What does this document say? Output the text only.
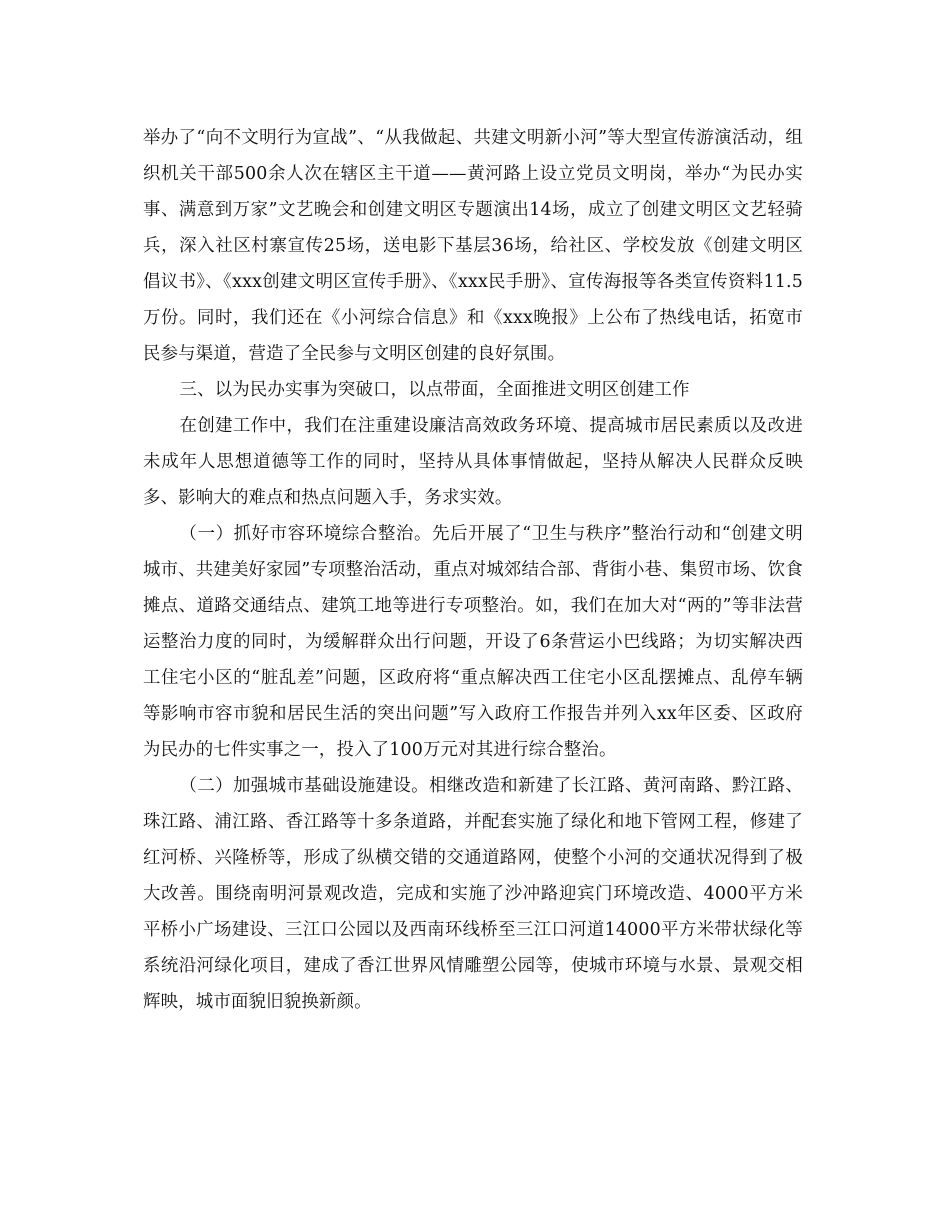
举办了“向不文明行为宣战”、“从我做起、共建文明新小河”等大型宣传游演活动，组织机关干部500余人次在辖区主干道——黄河路上设立党员文明岗，举办“为民办实事、满意到万家”文艺晚会和创建文明区专题演出14场，成立了创建文明区文艺轻骑兵，深入社区村寨宣传25场，送电影下基层36场，给社区、学校发放《创建文明区倡议书》、《xxx创建文明区宣传手册》、《xxx民手册》、宣传海报等各类宣传资料11.5万份。同时，我们还在《小河综合信息》和《xxx晚报》上公布了热线电话，拓宽市民参与渠道，营造了全民参与文明区创建的良好氛围。

三、以为民办实事为突破口，以点带面，全面推进文明区创建工作

在创建工作中，我们在注重建设廉洁高效政务环境、提高城市居民素质以及改进未成年人思想道德等工作的同时，坚持从具体事情做起，坚持从解决人民群众反映多、影响大的难点和热点问题入手，务求实效。

（一）抓好市容环境综合整治。先后开展了“卫生与秩序”整治行动和“创建文明城市、共建美好家园”专项整治活动，重点对城郊结合部、背街小巷、集贸市场、饮食摊点、道路交通结点、建筑工地等进行专项整治。如，我们在加大对“两的”等非法营运整治力度的同时，为缓解群众出行问题，开设了6条营运小巴线路；为切实解决西工住宅小区的“脏乱差”问题，区政府将“重点解决西工住宅小区乱摆摊点、乱停车辆等影响市容市貌和居民生活的突出问题”写入政府工作报告并列入xx年区委、区政府为民办的七件实事之一，投入了100万元对其进行综合整治。

（二）加强城市基础设施建设。相继改造和新建了长江路、黄河南路、黔江路、珠江路、浦江路、香江路等十多条道路，并配套实施了绿化和地下管网工程，修建了红河桥、兴隆桥等，形成了纵横交错的交通道路网，使整个小河的交通状况得到了极大改善。围绕南明河景观改造，完成和实施了沙冲路迎宾门环境改造、4000平方米平桥小广场建设、三江口公园以及西南环线桥至三江口河道14000平方米带状绿化等系统沿河绿化项目，建成了香江世界风情雕塑公园等，使城市环境与水景、景观交相辉映，城市面貌旧貌换新颜。
